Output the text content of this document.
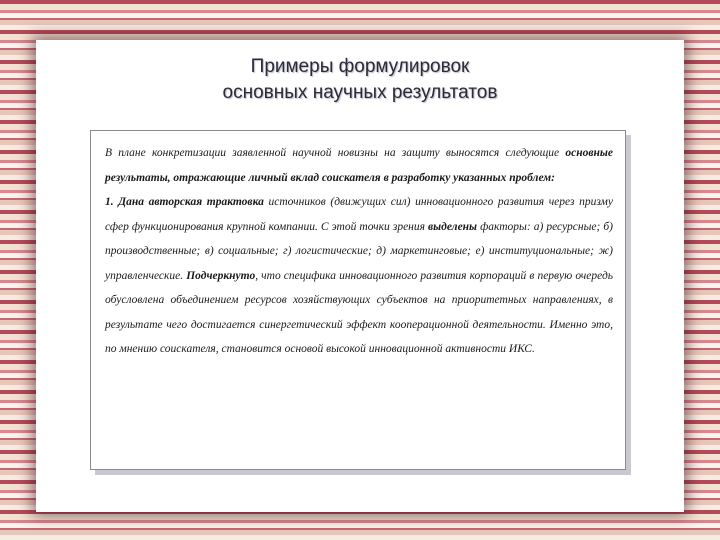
Примеры формулировок
основных научных результатов

В плане конкретизации заявленной научной новизны на защиту выносятся следующие основные результаты, отражающие личный вклад соискателя в разработку указанных проблем:

1. Дана авторская трактовка источников (движущих сил) инновационного развития через призму сфер функционирования крупной компании. С этой точки зрения выделены факторы: а) ресурсные; б) производственные; в) социальные; г) логистические; д) маркетинговые; е) институциональные; ж) управленческие. Подчеркнуто, что специфика инновационного развития корпораций в первую очередь обусловлена объединением ресурсов хозяйствующих субъектов на приоритетных направлениях, в результате чего достигается синергетический эффект кооперационной деятельности. Именно это, по мнению соискателя, становится основой высокой инновационной активности ИКС.
